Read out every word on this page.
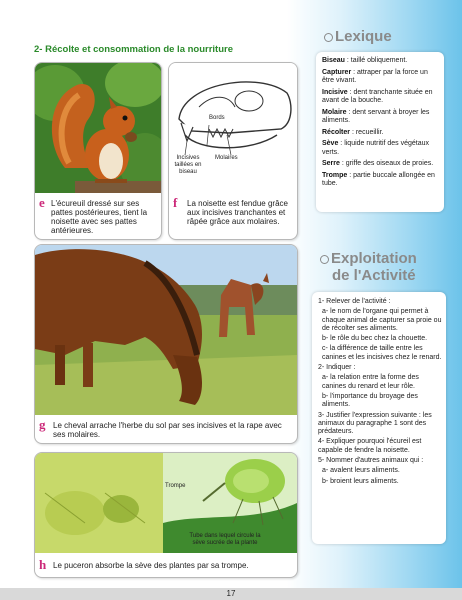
2- Récolte et consommation de la nourriture
e L'écureuil dressé sur ses pattes postérieures, tient la noisette avec ses pattes antérieures.
Bords
Incisives taillées en biseau
Molaires
f La noisette est fendue grâce aux incisives tranchantes et râpée grâce aux molaires.
g Le cheval arrache l'herbe du sol par ses incisives et la rape avec ses molaires.
Trompe
Tube dans lequel circule la sève sucrée de la plante
h Le puceron absorbe la sève des plantes par sa trompe.
Lexique
Biseau : taillé obliquement.
Capturer : attraper par la force un être vivant.
Incisive : dent tranchante située en avant de la bouche.
Molaire : dent servant à broyer les aliments.
Récolter : recueillir.
Sève : liquide nutritif des végétaux verts.
Serre : griffe des oiseaux de proies.
Trompe : partie buccale allongée en tube.
Exploitation
de l'Activité
1- Relever de l'activité :
a- le nom de l'organe qui permet à chaque animal de capturer sa proie ou de récolter ses aliments.
b- le rôle du bec chez la chouette.
c- la différence de taille entre les canines et les incisives chez le renard.
2- Indiquer :
a- la relation entre la forme des canines du renard et leur rôle.
b- l'importance du broyage des aliments.
3- Justifier l'expression suivante : les animaux du paragraphe 1 sont des prédateurs.
4- Expliquer pourquoi l'écureil est capable de fendre la noisette.
5- Nommer d'autres animaux qui :
a- avalent leurs aliments.
b- broient leurs aliments.
17
